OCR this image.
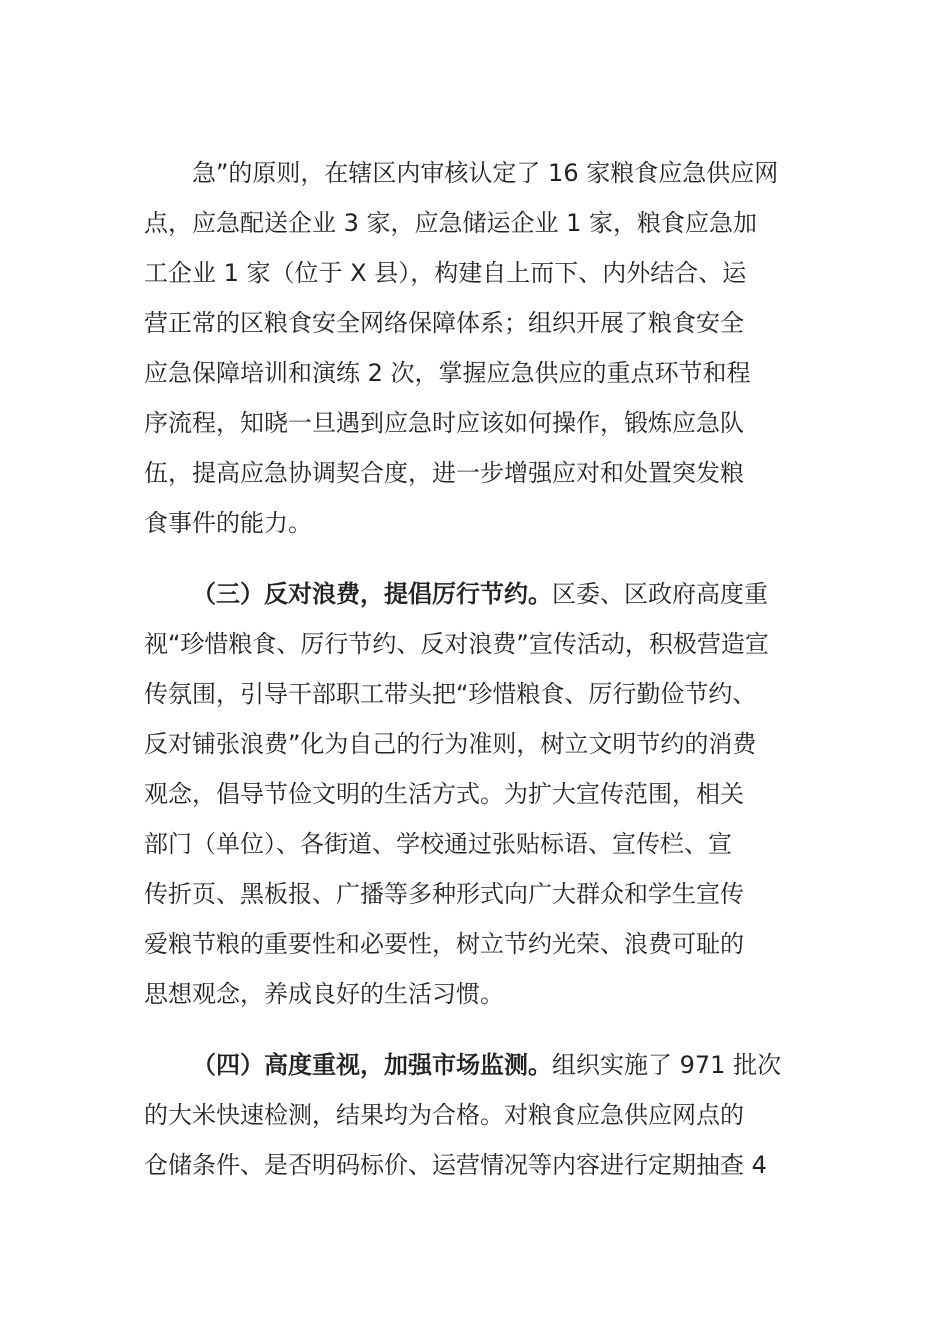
急”的原则，在辖区内审核认定了 16 家粮食应急供应网
点，应急配送企业 3 家，应急储运企业 1 家，粮食应急加
工企业 1 家（位于 X 县），构建自上而下、内外结合、运
营正常的区粮食安全网络保障体系；组织开展了粮食安全
应急保障培训和演练 2 次，掌握应急供应的重点环节和程
序流程，知晓一旦遇到应急时应该如何操作，锻炼应急队
伍，提高应急协调契合度，进一步增强应对和处置突发粮
食事件的能力。
（三）反对浪费，提倡厉行节约。区委、区政府高度重
视“珍惜粮食、厉行节约、反对浪费”宣传活动，积极营造宣
传氛围，引导干部职工带头把“珍惜粮食、厉行勤俭节约、
反对铺张浪费”化为自己的行为准则，树立文明节约的消费
观念，倡导节俭文明的生活方式。为扩大宣传范围，相关
部门（单位）、各街道、学校通过张贴标语、宣传栏、宣
传折页、黑板报、广播等多种形式向广大群众和学生宣传
爱粮节粮的重要性和必要性，树立节约光荣、浪费可耻的
思想观念，养成良好的生活习惯。
（四）高度重视，加强市场监测。组织实施了 971 批次
的大米快速检测，结果均为合格。对粮食应急供应网点的
仓储条件、是否明码标价、运营情况等内容进行定期抽查 4
